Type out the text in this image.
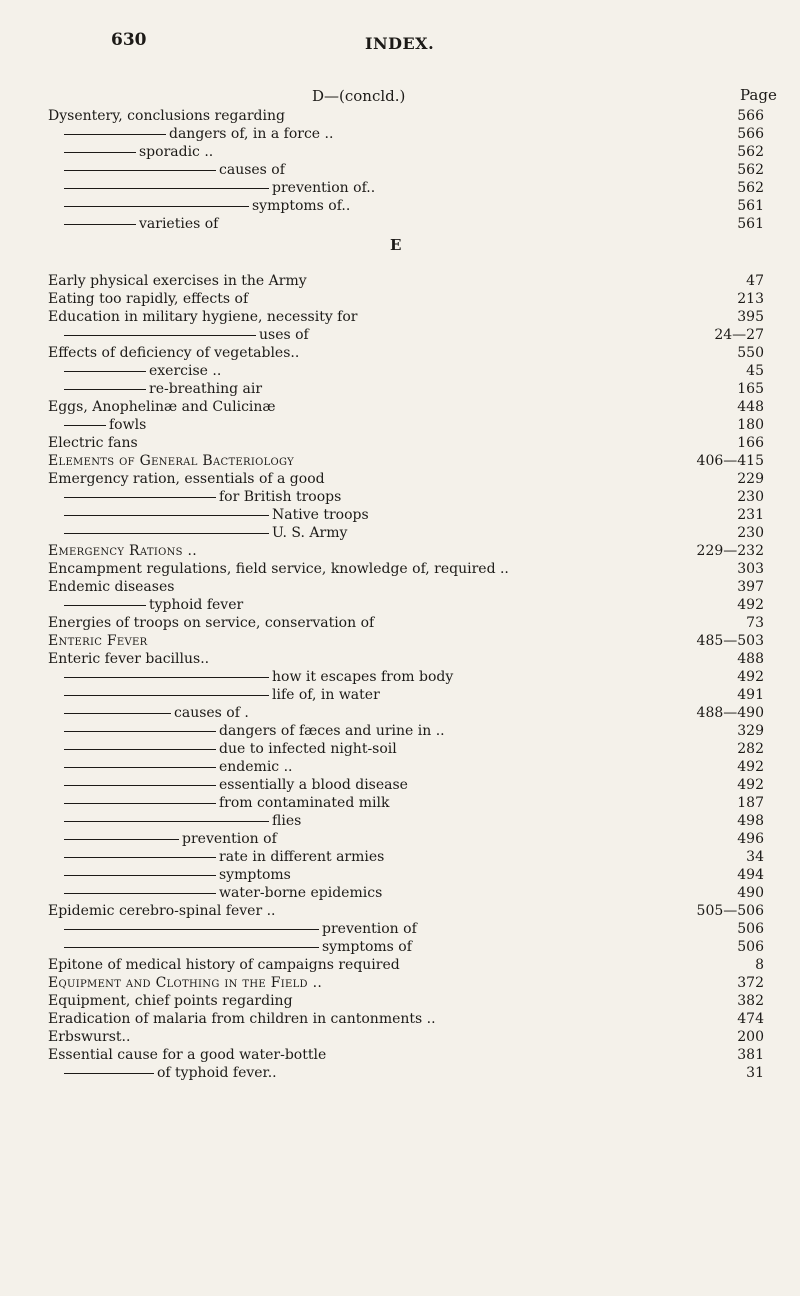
630	INDEX.
D—(concld.)	Page
E
Dysentery, conclusions regarding	566
dangers of, in a force ..	566
sporadic ..	562
causes of	562
prevention of..	562
symptoms of..	561
varieties of	561
Early physical exercises in the Army	47
Eating too rapidly, effects of	213
Education in military hygiene, necessity for	395
uses of	24—27
Effects of deficiency of vegetables..	550
exercise ..	45
re-breathing air	165
Eggs, Anophelinæ and Culicinæ	448
fowls	180
Electric fans	166
Elements of General Bacteriology	406—415
Emergency ration, essentials of a good	229
for British troops	230
Native troops	231
U. S. Army	230
Emergency Rations ..	229—232
Encampment regulations, field service, knowledge of, required ..	303
Endemic diseases	397
typhoid fever	492
Energies of troops on service, conservation of	73
Enteric Fever	485—503
Enteric fever bacillus..	488
how it escapes from body	492
life of, in water	491
causes of .	488—490
dangers of fæces and urine in ..	329
due to infected night-soil	282
endemic ..	492
essentially a blood disease	492
from contaminated milk	187
flies	498
prevention of	496
rate in different armies	34
symptoms	494
water-borne epidemics	490
Epidemic cerebro-spinal fever ..	505—506
prevention of	506
symptoms of	506
Epitone of medical history of campaigns required	8
Equipment and Clothing in the Field ..	372
Equipment, chief points regarding	382
Eradication of malaria from children in cantonments ..	474
Erbswurst..	200
Essential cause for a good water-bottle	381
of typhoid fever..	31
